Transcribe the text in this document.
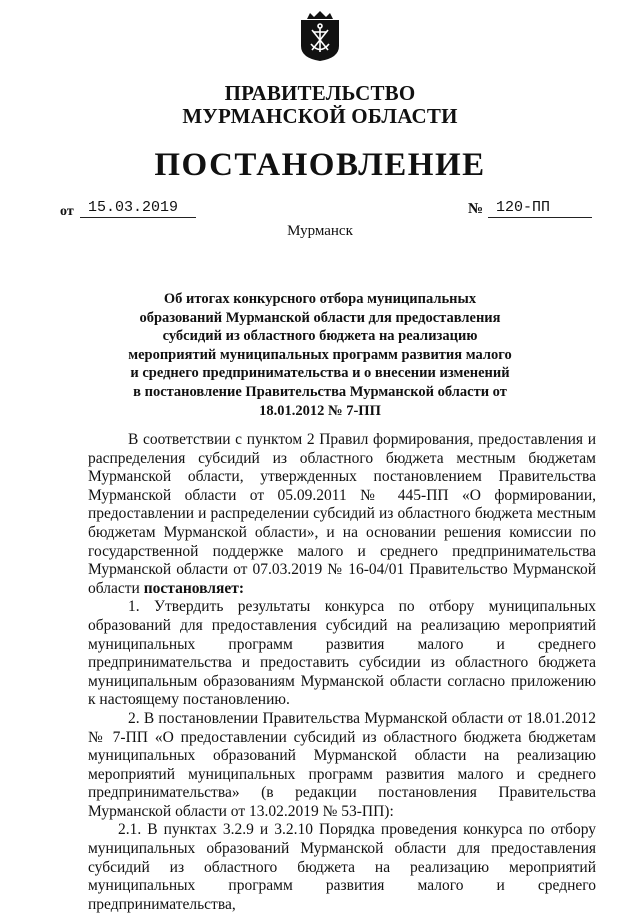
ПРАВИТЕЛЬСТВО
МУРМАНСКОЙ ОБЛАСТИ
ПОСТАНОВЛЕНИЕ
от 15.03.2019	№ 120-ПП
Мурманск
Об итогах конкурсного отбора муниципальных образований Мурманской области для предоставления субсидий из областного бюджета на реализацию мероприятий муниципальных программ развития малого и среднего предпринимательства и о внесении изменений в постановление Правительства Мурманской области от 18.01.2012 № 7-ПП

В соответствии с пунктом 2 Правил формирования, предоставления и распределения субсидий из областного бюджета местным бюджетам Мурманской области, утвержденных постановлением Правительства Мурманской области от 05.09.2011 № 445-ПП «О формировании, предоставлении и распределении субсидий из областного бюджета местным бюджетам Мурманской области», и на основании решения комиссии по государственной поддержке малого и среднего предпринимательства Мурманской области от 07.03.2019 № 16-04/01 Правительство Мурманской области постановляет:

1. Утвердить результаты конкурса по отбору муниципальных образований для предоставления субсидий на реализацию мероприятий муниципальных программ развития малого и среднего предпринимательства и предоставить субсидии из областного бюджета муниципальным образованиям Мурманской области согласно приложению к настоящему постановлению.

2. В постановлении Правительства Мурманской области от 18.01.2012 № 7-ПП «О предоставлении субсидий из областного бюджета бюджетам муниципальных образований Мурманской области на реализацию мероприятий муниципальных программ развития малого и среднего предпринимательства» (в редакции постановления Правительства Мурманской области от 13.02.2019 № 53-ПП):

2.1. В пунктах 3.2.9 и 3.2.10 Порядка проведения конкурса по отбору муниципальных образований Мурманской области для предоставления субсидий из областного бюджета на реализацию мероприятий муниципальных программ развития малого и среднего предпринимательства,
